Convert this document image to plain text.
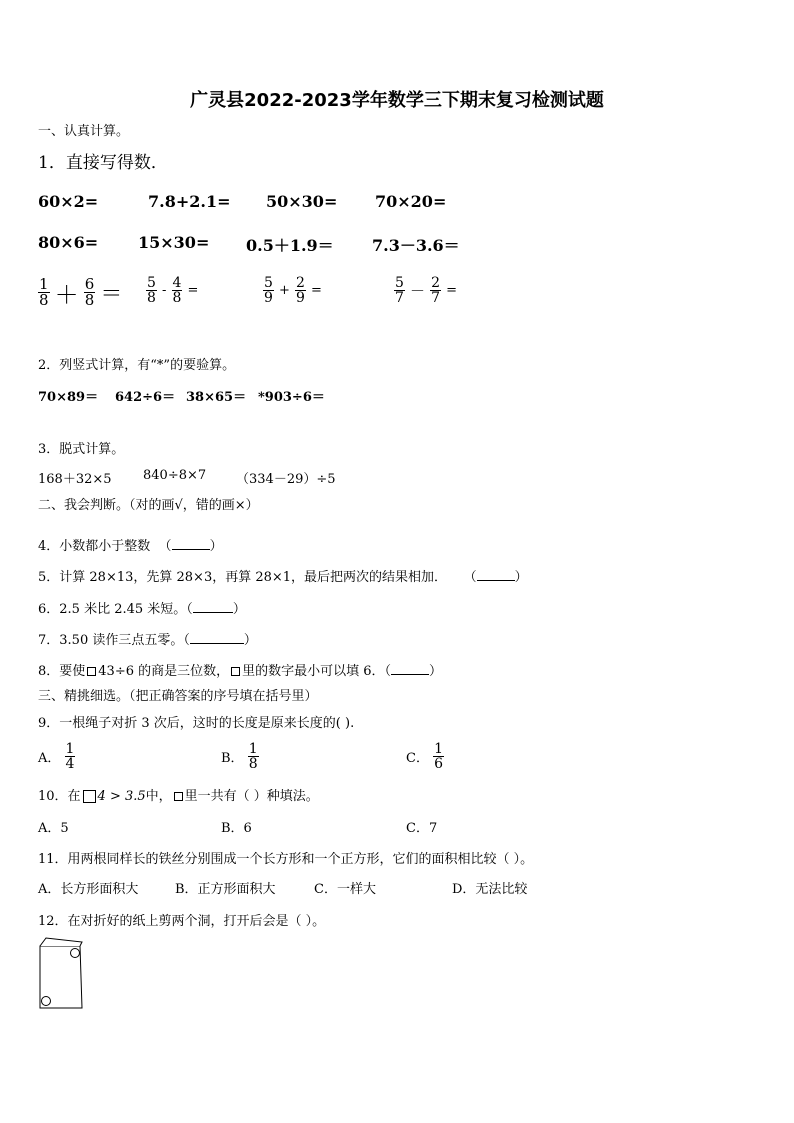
广灵县2022-2023学年数学三下期末复习检测试题
一、认真计算。
1．直接写得数．
60×2=	7.8+2.1= 50×30= 70×20=
80×6= 15×30= 0.5＋1.9＝ 7.3－3.6＝
$\frac{1}{8} + \frac{6}{8} = \frac{5}{8} - \frac{4}{8}$ =	$\frac{5}{9} + \frac{2}{9}$ =	$\frac{5}{7} - \frac{2}{7}$ =
2．列竖式计算，有“*”的要验算。
70×89＝ 642÷6＝ 38×65＝ *903÷6＝
3．脱式计算。
168＋32×5 840÷8×7 （334－29）÷5
二、我会判断。（对的画√，错的画×）
4．小数都小于整数 （	）
5．计算 28×13，先算 28×3，再算 28×1，最后把两次的结果相加． （	）
6．2.5 米比 2.45 米短。（	）
7．3.50 读作三点五零。（	）
8．要使 43÷6 的商是三位数， 里的数字最小可以填 6．（	）
三、精挑细选。（把正确答案的序号填在括号里）
9．一根绳子对折 3 次后，这时的长度是原来长度的( ).
A． $\frac{1}{4}$	B． $\frac{1}{8}$	C． $\frac{1}{6}$
10．在 4 > 3.5中， 里一共有（ ）种填法。
A．5	B．6	C．7
11．用两根同样长的铁丝分别围成一个长方形和一个正方形，它们的面积相比较（ ）。
A．长方形面积大	B．正方形面积大	C．一样大	D．无法比较
12．在对折好的纸上剪两个洞，打开后会是（ ）。
